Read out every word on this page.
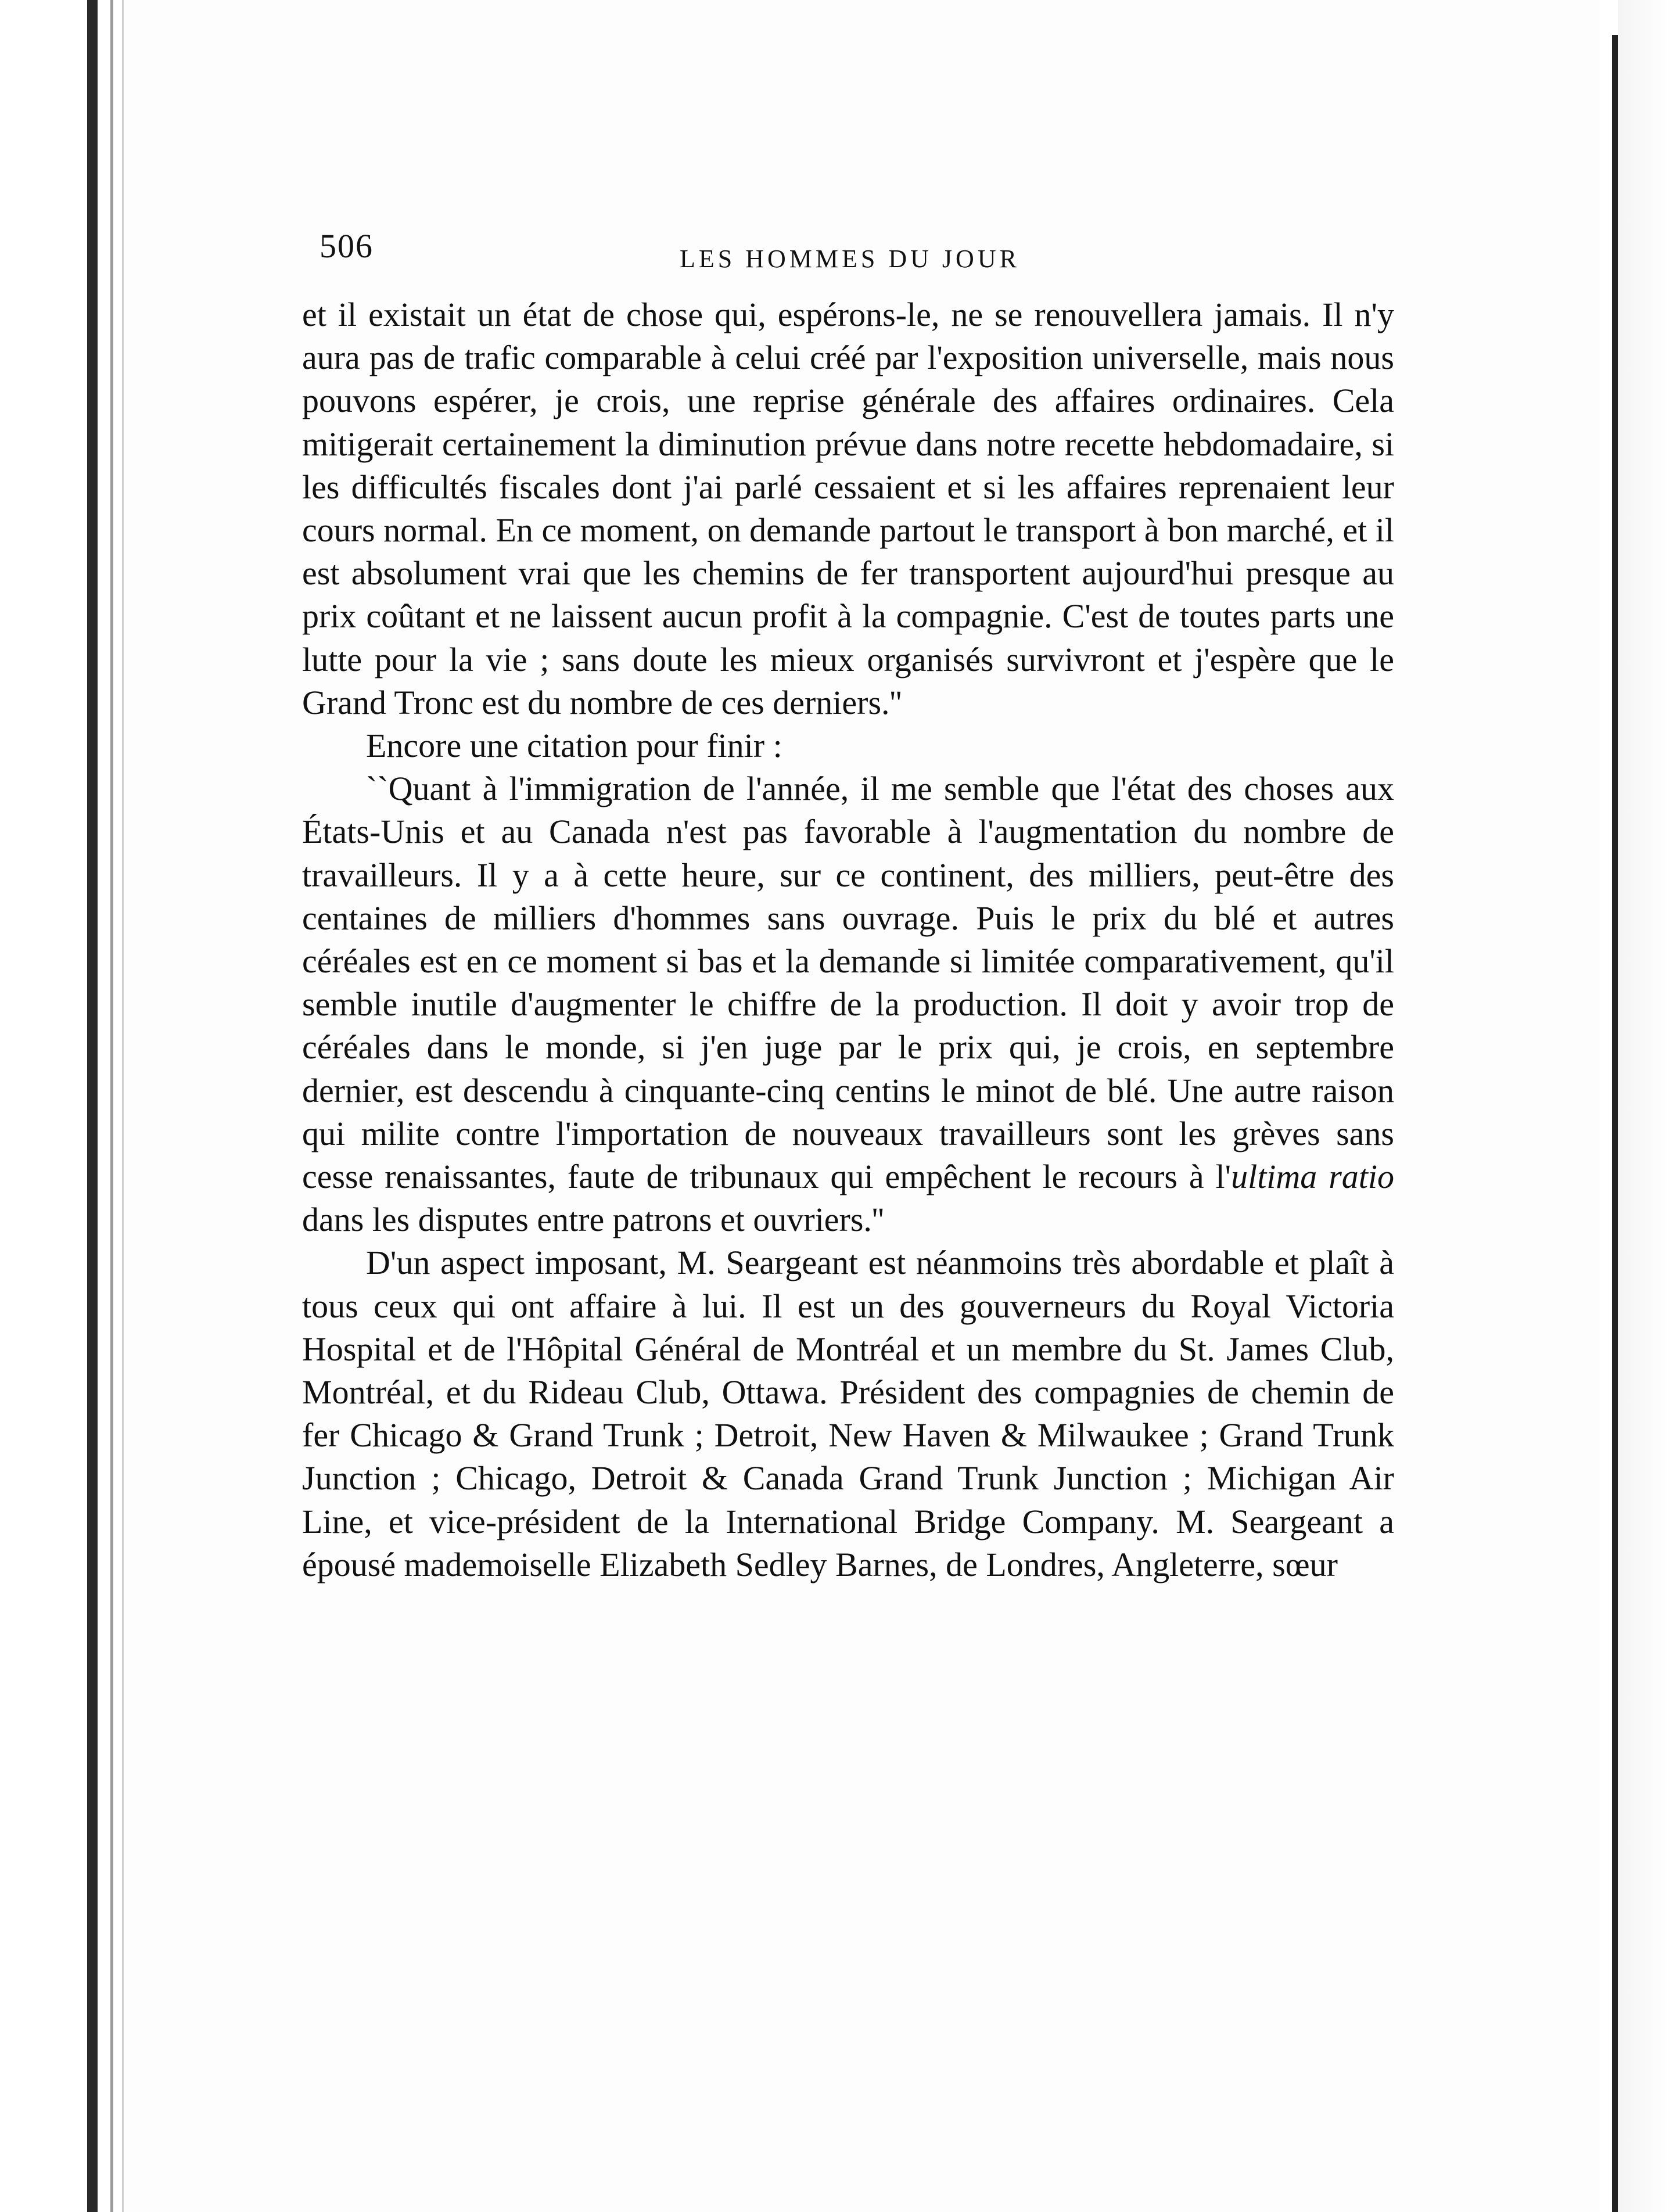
506	LES HOMMES DU JOUR

et il existait un état de chose qui, espérons-le, ne se renouvellera jamais. Il n'y aura pas de trafic comparable à celui créé par l'exposition universelle, mais nous pouvons espérer, je crois, une reprise générale des affaires ordinaires. Cela mitigerait certainement la diminution prévue dans notre recette hebdomadaire, si les difficultés fiscales dont j'ai parlé cessaient et si les affaires reprenaient leur cours normal. En ce moment, on demande partout le transport à bon marché, et il est absolument vrai que les chemins de fer transportent aujourd'hui presque au prix coûtant et ne laissent aucun profit à la compagnie. C'est de toutes parts une lutte pour la vie ; sans doute les mieux organisés survivront et j'espère que le Grand Tronc est du nombre de ces derniers.''

Encore une citation pour finir :

``Quant à l'immigration de l'année, il me semble que l'état des choses aux États-Unis et au Canada n'est pas favorable à l'augmentation du nombre de travailleurs. Il y a à cette heure, sur ce continent, des milliers, peut-être des centaines de milliers d'hommes sans ouvrage. Puis le prix du blé et autres céréales est en ce moment si bas et la demande si limitée comparativement, qu'il semble inutile d'augmenter le chiffre de la production. Il doit y avoir trop de céréales dans le monde, si j'en juge par le prix qui, je crois, en septembre dernier, est descendu à cinquante-cinq centins le minot de blé. Une autre raison qui milite contre l'importation de nouveaux travailleurs sont les grèves sans cesse renaissantes, faute de tribunaux qui empêchent le recours à l'ultima ratio dans les disputes entre patrons et ouvriers.''

D'un aspect imposant, M. Seargeant est néanmoins très abordable et plaît à tous ceux qui ont affaire à lui. Il est un des gouverneurs du Royal Victoria Hospital et de l'Hôpital Général de Montréal et un membre du St. James Club, Montréal, et du Rideau Club, Ottawa. Président des compagnies de chemin de fer Chicago & Grand Trunk ; Detroit, New Haven & Milwaukee ; Grand Trunk Junction ; Chicago, Detroit & Canada Grand Trunk Junction ; Michigan Air Line, et vice-président de la International Bridge Company. M. Seargeant a épousé mademoiselle Elizabeth Sedley Barnes, de Londres, Angleterre, sœur
